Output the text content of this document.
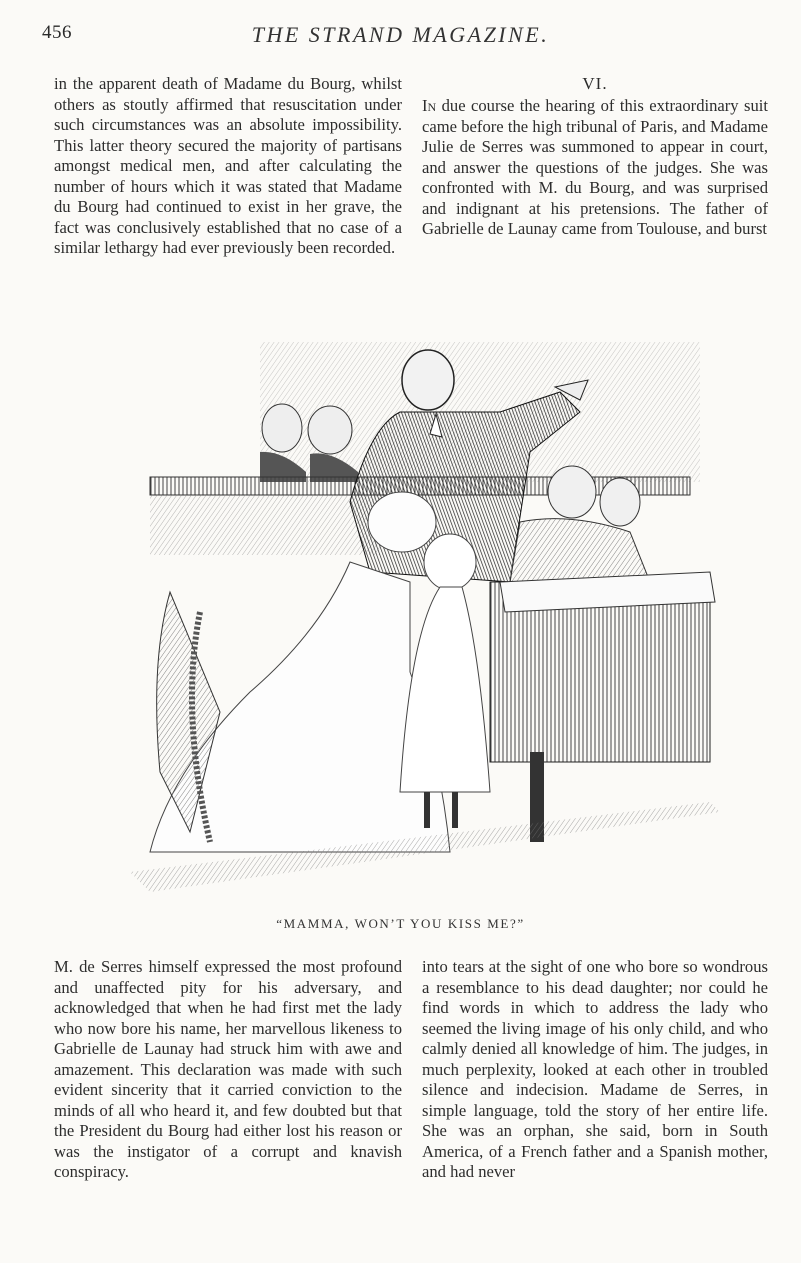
456	THE STRAND MAGAZINE.

in the apparent death of Madame du Bourg, whilst others as stoutly affirmed that resuscitation under such circumstances was an absolute impossibility. This latter theory secured the majority of partisans amongst medical men, and after calculating the number of hours which it was stated that Madame du Bourg had continued to exist in her grave, the fact was conclusively established that no case of a similar lethargy had ever previously been recorded.

VI.

In due course the hearing of this extraordinary suit came before the high tribunal of Paris, and Madame Julie de Serres was summoned to appear in court, and answer the questions of the judges. She was confronted with M. du Bourg, and was surprised and indignant at his pretensions. The father of Gabrielle de Launay came from Toulouse, and burst

“MAMMA, WON’T YOU KISS ME?”

M. de Serres himself expressed the most profound and unaffected pity for his adversary, and acknowledged that when he had first met the lady who now bore his name, her marvellous likeness to Gabrielle de Launay had struck him with awe and amazement. This declaration was made with such evident sincerity that it carried conviction to the minds of all who heard it, and few doubted but that the President du Bourg had either lost his reason or was the instigator of a corrupt and knavish conspiracy.

into tears at the sight of one who bore so wondrous a resemblance to his dead daughter; nor could he find words in which to address the lady who seemed the living image of his only child, and who calmly denied all knowledge of him. The judges, in much perplexity, looked at each other in troubled silence and indecision. Madame de Serres, in simple language, told the story of her entire life. She was an orphan, she said, born in South America, of a French father and a Spanish mother, and had never
